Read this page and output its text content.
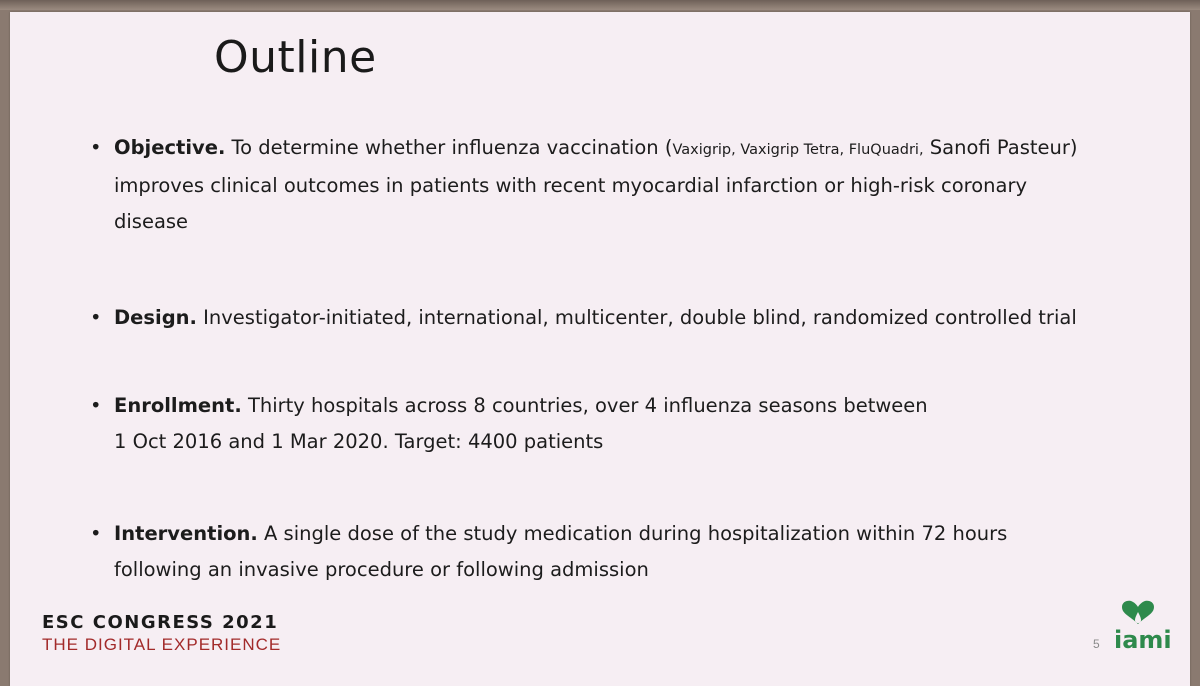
Outline
• Objective. To determine whether influenza vaccination (Vaxigrip, Vaxigrip Tetra, FluQuadri, Sanofi Pasteur)
improves clinical outcomes in patients with recent myocardial infarction or high-risk coronary
disease
• Design. Investigator-initiated, international, multicenter, double blind, randomized controlled trial
• Enrollment. Thirty hospitals across 8 countries, over 4 influenza seasons between
1 Oct 2016 and 1 Mar 2020. Target: 4400 patients
• Intervention. A single dose of the study medication during hospitalization within 72 hours
following an invasive procedure or following admission
ESC CONGRESS 2021
THE DIGITAL EXPERIENCE	5 iami
